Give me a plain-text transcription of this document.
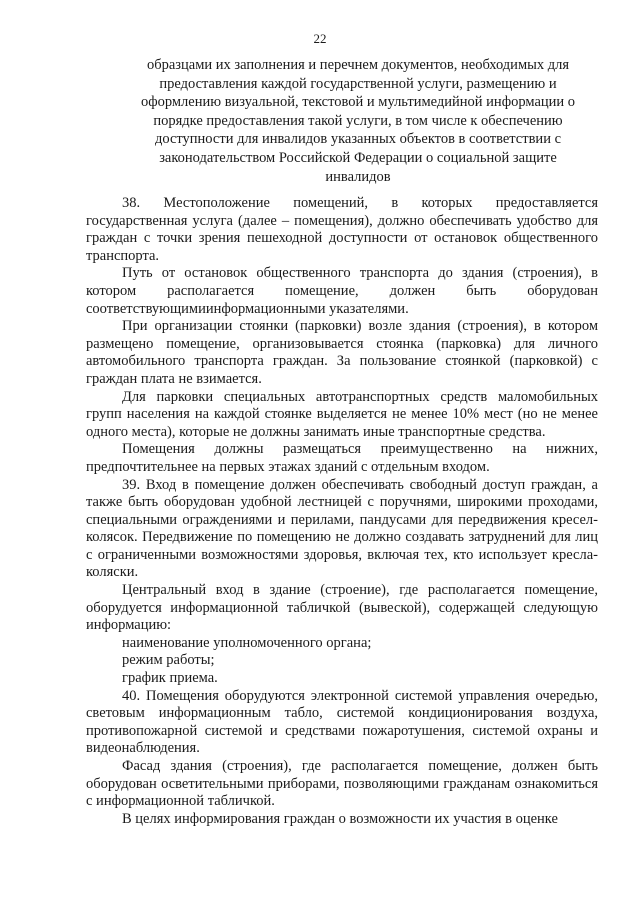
22
образцами их заполнения и перечнем документов, необходимых для предоставления каждой государственной услуги, размещению и оформлению визуальной, текстовой и мультимедийной информации о порядке предоставления такой услуги, в том числе к обеспечению доступности для инвалидов указанных объектов в соответствии с законодательством Российской Федерации о социальной защите инвалидов

38. Местоположение помещений, в которых предоставляется государственная услуга (далее – помещения), должно обеспечивать удобство для граждан с точки зрения пешеходной доступности от остановок общественного транспорта.

Путь от остановок общественного транспорта до здания (строения), в котором располагается помещение, должен быть оборудован соответствующимиинформационными указателями.

При организации стоянки (парковки) возле здания (строения), в котором размещено помещение, организовывается стоянка (парковка) для личного автомобильного транспорта граждан. За пользование стоянкой (парковкой) с граждан плата не взимается.

Для парковки специальных автотранспортных средств маломобильных групп населения на каждой стоянке выделяется не менее 10% мест (но не менее одного места), которые не должны занимать иные транспортные средства.

Помещения должны размещаться преимущественно на нижних, предпочтительнее на первых этажах зданий с отдельным входом.

39. Вход в помещение должен обеспечивать свободный доступ граждан, а также быть оборудован удобной лестницей с поручнями, широкими проходами, специальными ограждениями и перилами, пандусами для передвижения кресел- колясок. Передвижение по помещению не должно создавать затруднений для лиц с ограниченными возможностями здоровья, включая тех, кто использует кресла-коляски.

Центральный вход в здание (строение), где располагается помещение, оборудуется информационной табличкой (вывеской), содержащей следующую информацию:

наименование уполномоченного органа;

режим работы;

график приема.

40. Помещения оборудуются электронной системой управления очередью, световым информационным табло, системой кондиционирования воздуха, противопожарной системой и средствами пожаротушения, системой охраны и видеонаблюдения.

Фасад здания (строения), где располагается помещение, должен быть оборудован осветительными приборами, позволяющими гражданам ознакомиться с информационной табличкой.

В целях информирования граждан о возможности их участия в оценке
